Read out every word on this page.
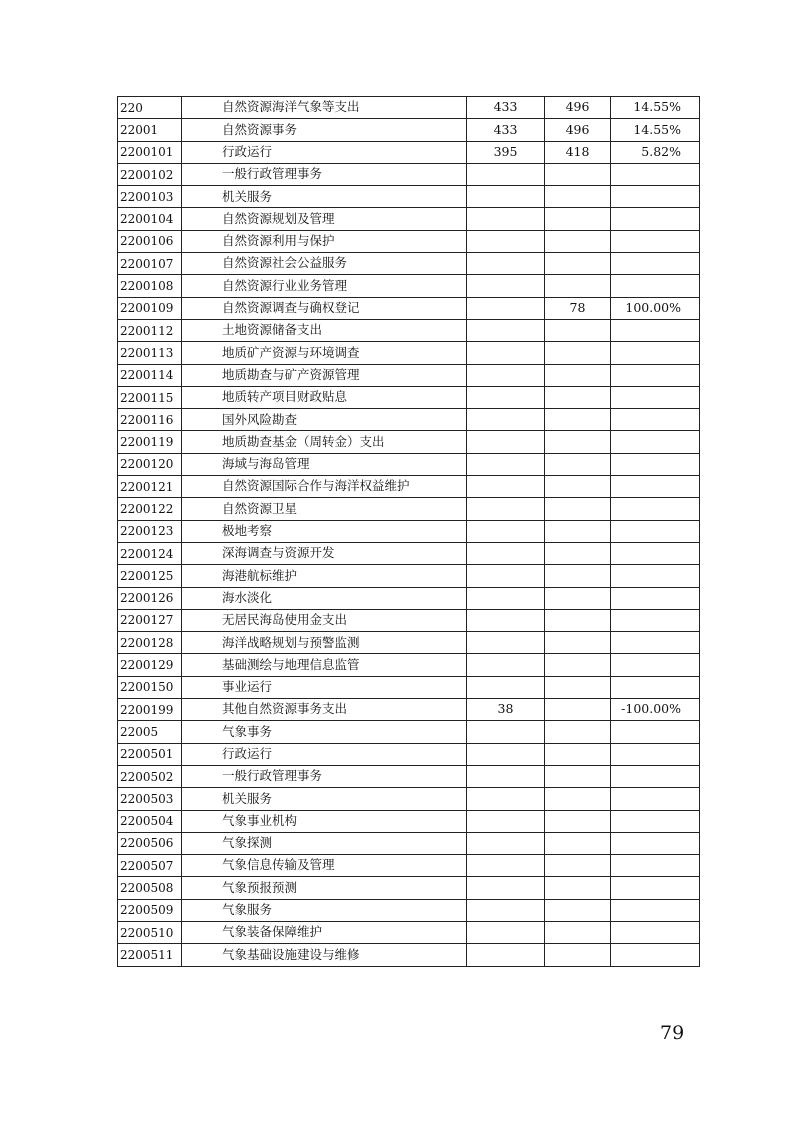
220	自然资源海洋气象等支出	433	496	14.55%
22001	自然资源事务	433	496	14.55%
2200101	行政运行	395	418	5.82%
2200102	一般行政管理事务			
2200103	机关服务			
2200104	自然资源规划及管理			
2200106	自然资源利用与保护			
2200107	自然资源社会公益服务			
2200108	自然资源行业业务管理			
2200109	自然资源调查与确权登记		78	100.00%
2200112	土地资源储备支出			
2200113	地质矿产资源与环境调查			
2200114	地质勘查与矿产资源管理			
2200115	地质转产项目财政贴息			
2200116	国外风险勘查			
2200119	地质勘查基金（周转金）支出			
2200120	海域与海岛管理			
2200121	自然资源国际合作与海洋权益维护			
2200122	自然资源卫星			
2200123	极地考察			
2200124	深海调查与资源开发			
2200125	海港航标维护			
2200126	海水淡化			
2200127	无居民海岛使用金支出			
2200128	海洋战略规划与预警监测			
2200129	基础测绘与地理信息监管			
2200150	事业运行			
2200199	其他自然资源事务支出	38		-100.00%
22005	气象事务			
2200501	行政运行			
2200502	一般行政管理事务			
2200503	机关服务			
2200504	气象事业机构			
2200506	气象探测			
2200507	气象信息传输及管理			
2200508	气象预报预测			
2200509	气象服务			
2200510	气象装备保障维护			
2200511	气象基础设施建设与维修			
79
